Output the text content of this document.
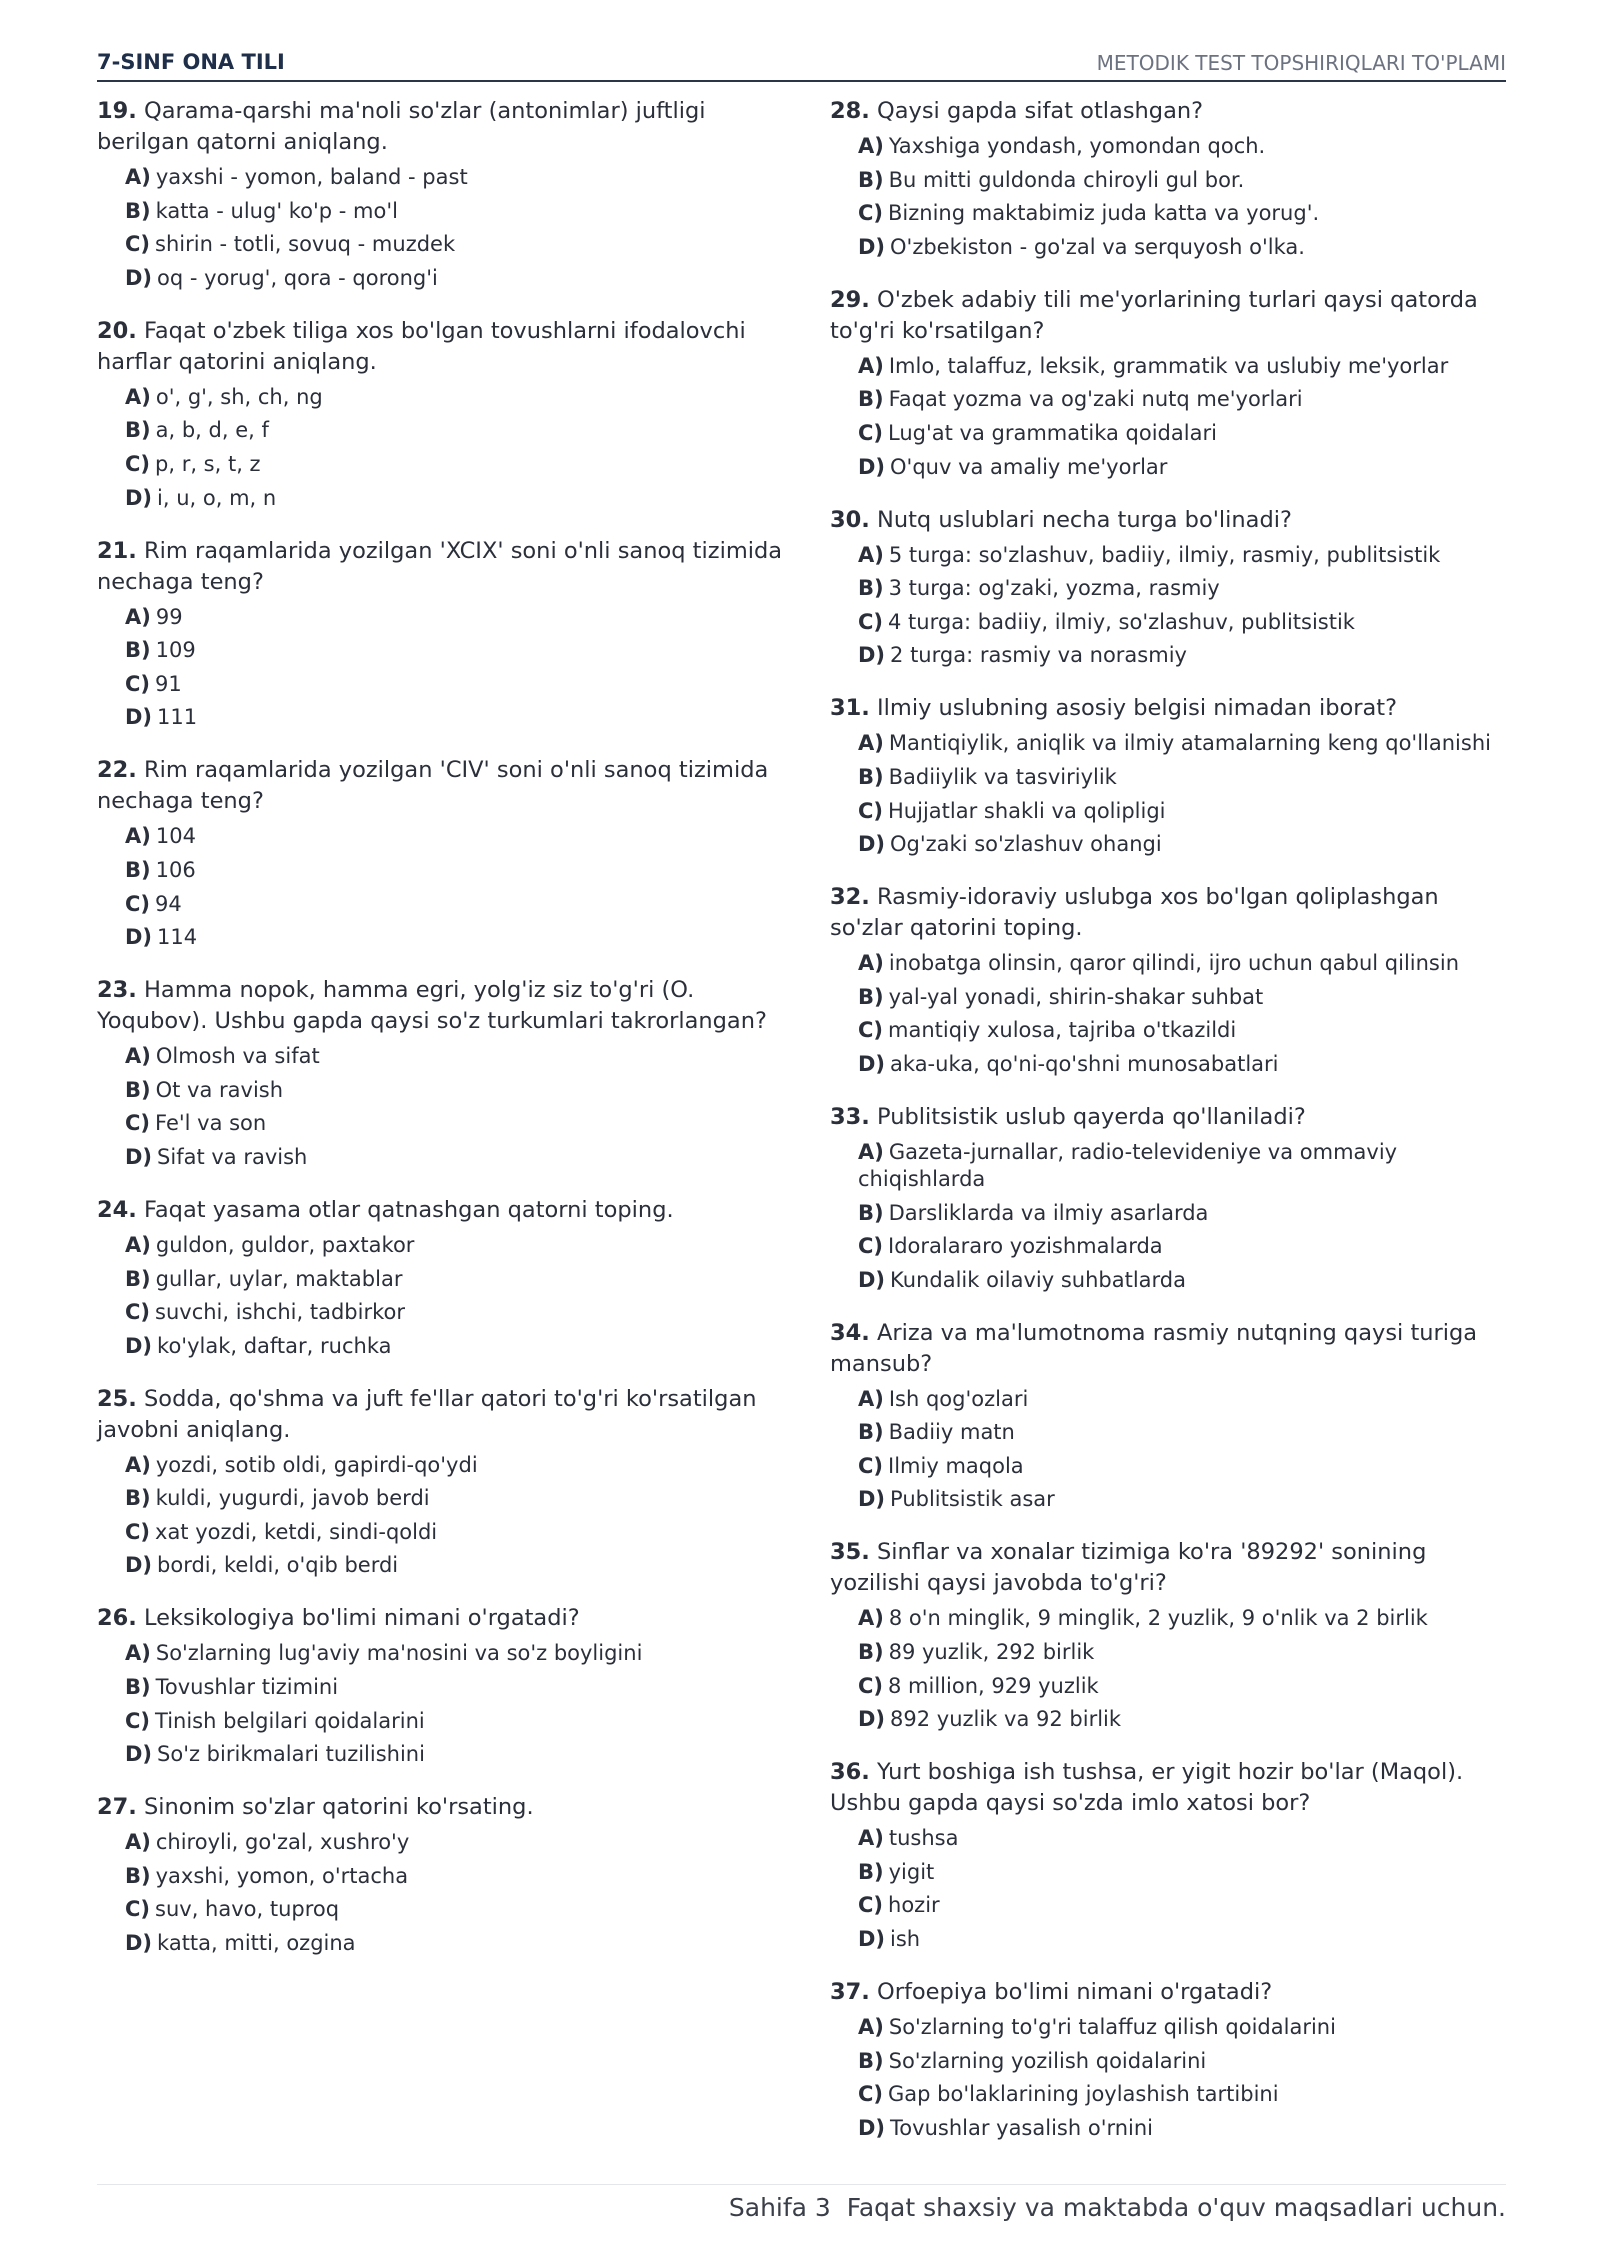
7-SINF ONA TILI	METODIK TEST TOPSHIRIQLARI TO'PLAMI
19. Qarama-qarshi ma'noli so'zlar (antonimlar) juftligi berilgan qatorni aniqlang.
A) yaxshi - yomon, baland - past
B) katta - ulug' ko'p - mo'l
C) shirin - totli, sovuq - muzdek
D) oq - yorug', qora - qorong'i
20. Faqat o'zbek tiliga xos bo'lgan tovushlarni ifodalovchi harflar qatorini aniqlang.
A) o', g', sh, ch, ng
B) a, b, d, e, f
C) p, r, s, t, z
D) i, u, o, m, n
21. Rim raqamlarida yozilgan 'XCIX' soni o'nli sanoq tizimida nechaga teng?
A) 99
B) 109
C) 91
D) 111
22. Rim raqamlarida yozilgan 'CIV' soni o'nli sanoq tizimida nechaga teng?
A) 104
B) 106
C) 94
D) 114
23. Hamma nopok, hamma egri, yolg'iz siz to'g'ri (O. Yoqubov). Ushbu gapda qaysi so'z turkumlari takrorlangan?
A) Olmosh va sifat
B) Ot va ravish
C) Fe'l va son
D) Sifat va ravish
24. Faqat yasama otlar qatnashgan qatorni toping.
A) guldon, guldor, paxtakor
B) gullar, uylar, maktablar
C) suvchi, ishchi, tadbirkor
D) ko'ylak, daftar, ruchka
25. Sodda, qo'shma va juft fe'llar qatori to'g'ri ko'rsatilgan javobni aniqlang.
A) yozdi, sotib oldi, gapirdi-qo'ydi
B) kuldi, yugurdi, javob berdi
C) xat yozdi, ketdi, sindi-qoldi
D) bordi, keldi, o'qib berdi
26. Leksikologiya bo'limi nimani o'rgatadi?
A) So'zlarning lug'aviy ma'nosini va so'z boyligini
B) Tovushlar tizimini
C) Tinish belgilari qoidalarini
D) So'z birikmalari tuzilishini
27. Sinonim so'zlar qatorini ko'rsating.
A) chiroyli, go'zal, xushro'y
B) yaxshi, yomon, o'rtacha
C) suv, havo, tuproq
D) katta, mitti, ozgina
28. Qaysi gapda sifat otlashgan?
A) Yaxshiga yondash, yomondan qoch.
B) Bu mitti guldonda chiroyli gul bor.
C) Bizning maktabimiz juda katta va yorug'.
D) O'zbekiston - go'zal va serquyosh o'lka.
29. O'zbek adabiy tili me'yorlarining turlari qaysi qatorda to'g'ri ko'rsatilgan?
A) Imlo, talaffuz, leksik, grammatik va uslubiy me'yorlar
B) Faqat yozma va og'zaki nutq me'yorlari
C) Lug'at va grammatika qoidalari
D) O'quv va amaliy me'yorlar
30. Nutq uslublari necha turga bo'linadi?
A) 5 turga: so'zlashuv, badiiy, ilmiy, rasmiy, publitsistik
B) 3 turga: og'zaki, yozma, rasmiy
C) 4 turga: badiiy, ilmiy, so'zlashuv, publitsistik
D) 2 turga: rasmiy va norasmiy
31. Ilmiy uslubning asosiy belgisi nimadan iborat?
A) Mantiqiylik, aniqlik va ilmiy atamalarning keng qo'llanishi
B) Badiiylik va tasviriylik
C) Hujjatlar shakli va qolipligi
D) Og'zaki so'zlashuv ohangi
32. Rasmiy-idoraviy uslubga xos bo'lgan qoliplashgan so'zlar qatorini toping.
A) inobatga olinsin, qaror qilindi, ijro uchun qabul qilinsin
B) yal-yal yonadi, shirin-shakar suhbat
C) mantiqiy xulosa, tajriba o'tkazildi
D) aka-uka, qo'ni-qo'shni munosabatlari
33. Publitsistik uslub qayerda qo'llaniladi?
A) Gazeta-jurnallar, radio-televideniye va ommaviy chiqishlarda
B) Darsliklarda va ilmiy asarlarda
C) Idoralararo yozishmalarda
D) Kundalik oilaviy suhbatlarda
34. Ariza va ma'lumotnoma rasmiy nutqning qaysi turiga mansub?
A) Ish qog'ozlari
B) Badiiy matn
C) Ilmiy maqola
D) Publitsistik asar
35. Sinflar va xonalar tizimiga ko'ra '89292' sonining yozilishi qaysi javobda to'g'ri?
A) 8 o'n minglik, 9 minglik, 2 yuzlik, 9 o'nlik va 2 birlik
B) 89 yuzlik, 292 birlik
C) 8 million, 929 yuzlik
D) 892 yuzlik va 92 birlik
36. Yurt boshiga ish tushsa, er yigit hozir bo'lar (Maqol). Ushbu gapda qaysi so'zda imlo xatosi bor?
A) tushsa
B) yigit
C) hozir
D) ish
37. Orfoepiya bo'limi nimani o'rgatadi?
A) So'zlarning to'g'ri talaffuz qilish qoidalarini
B) So'zlarning yozilish qoidalarini
C) Gap bo'laklarining joylashish tartibini
D) Tovushlar yasalish o'rnini
Sahifa 3 Faqat shaxsiy va maktabda o'quv maqsadlari uchun.
